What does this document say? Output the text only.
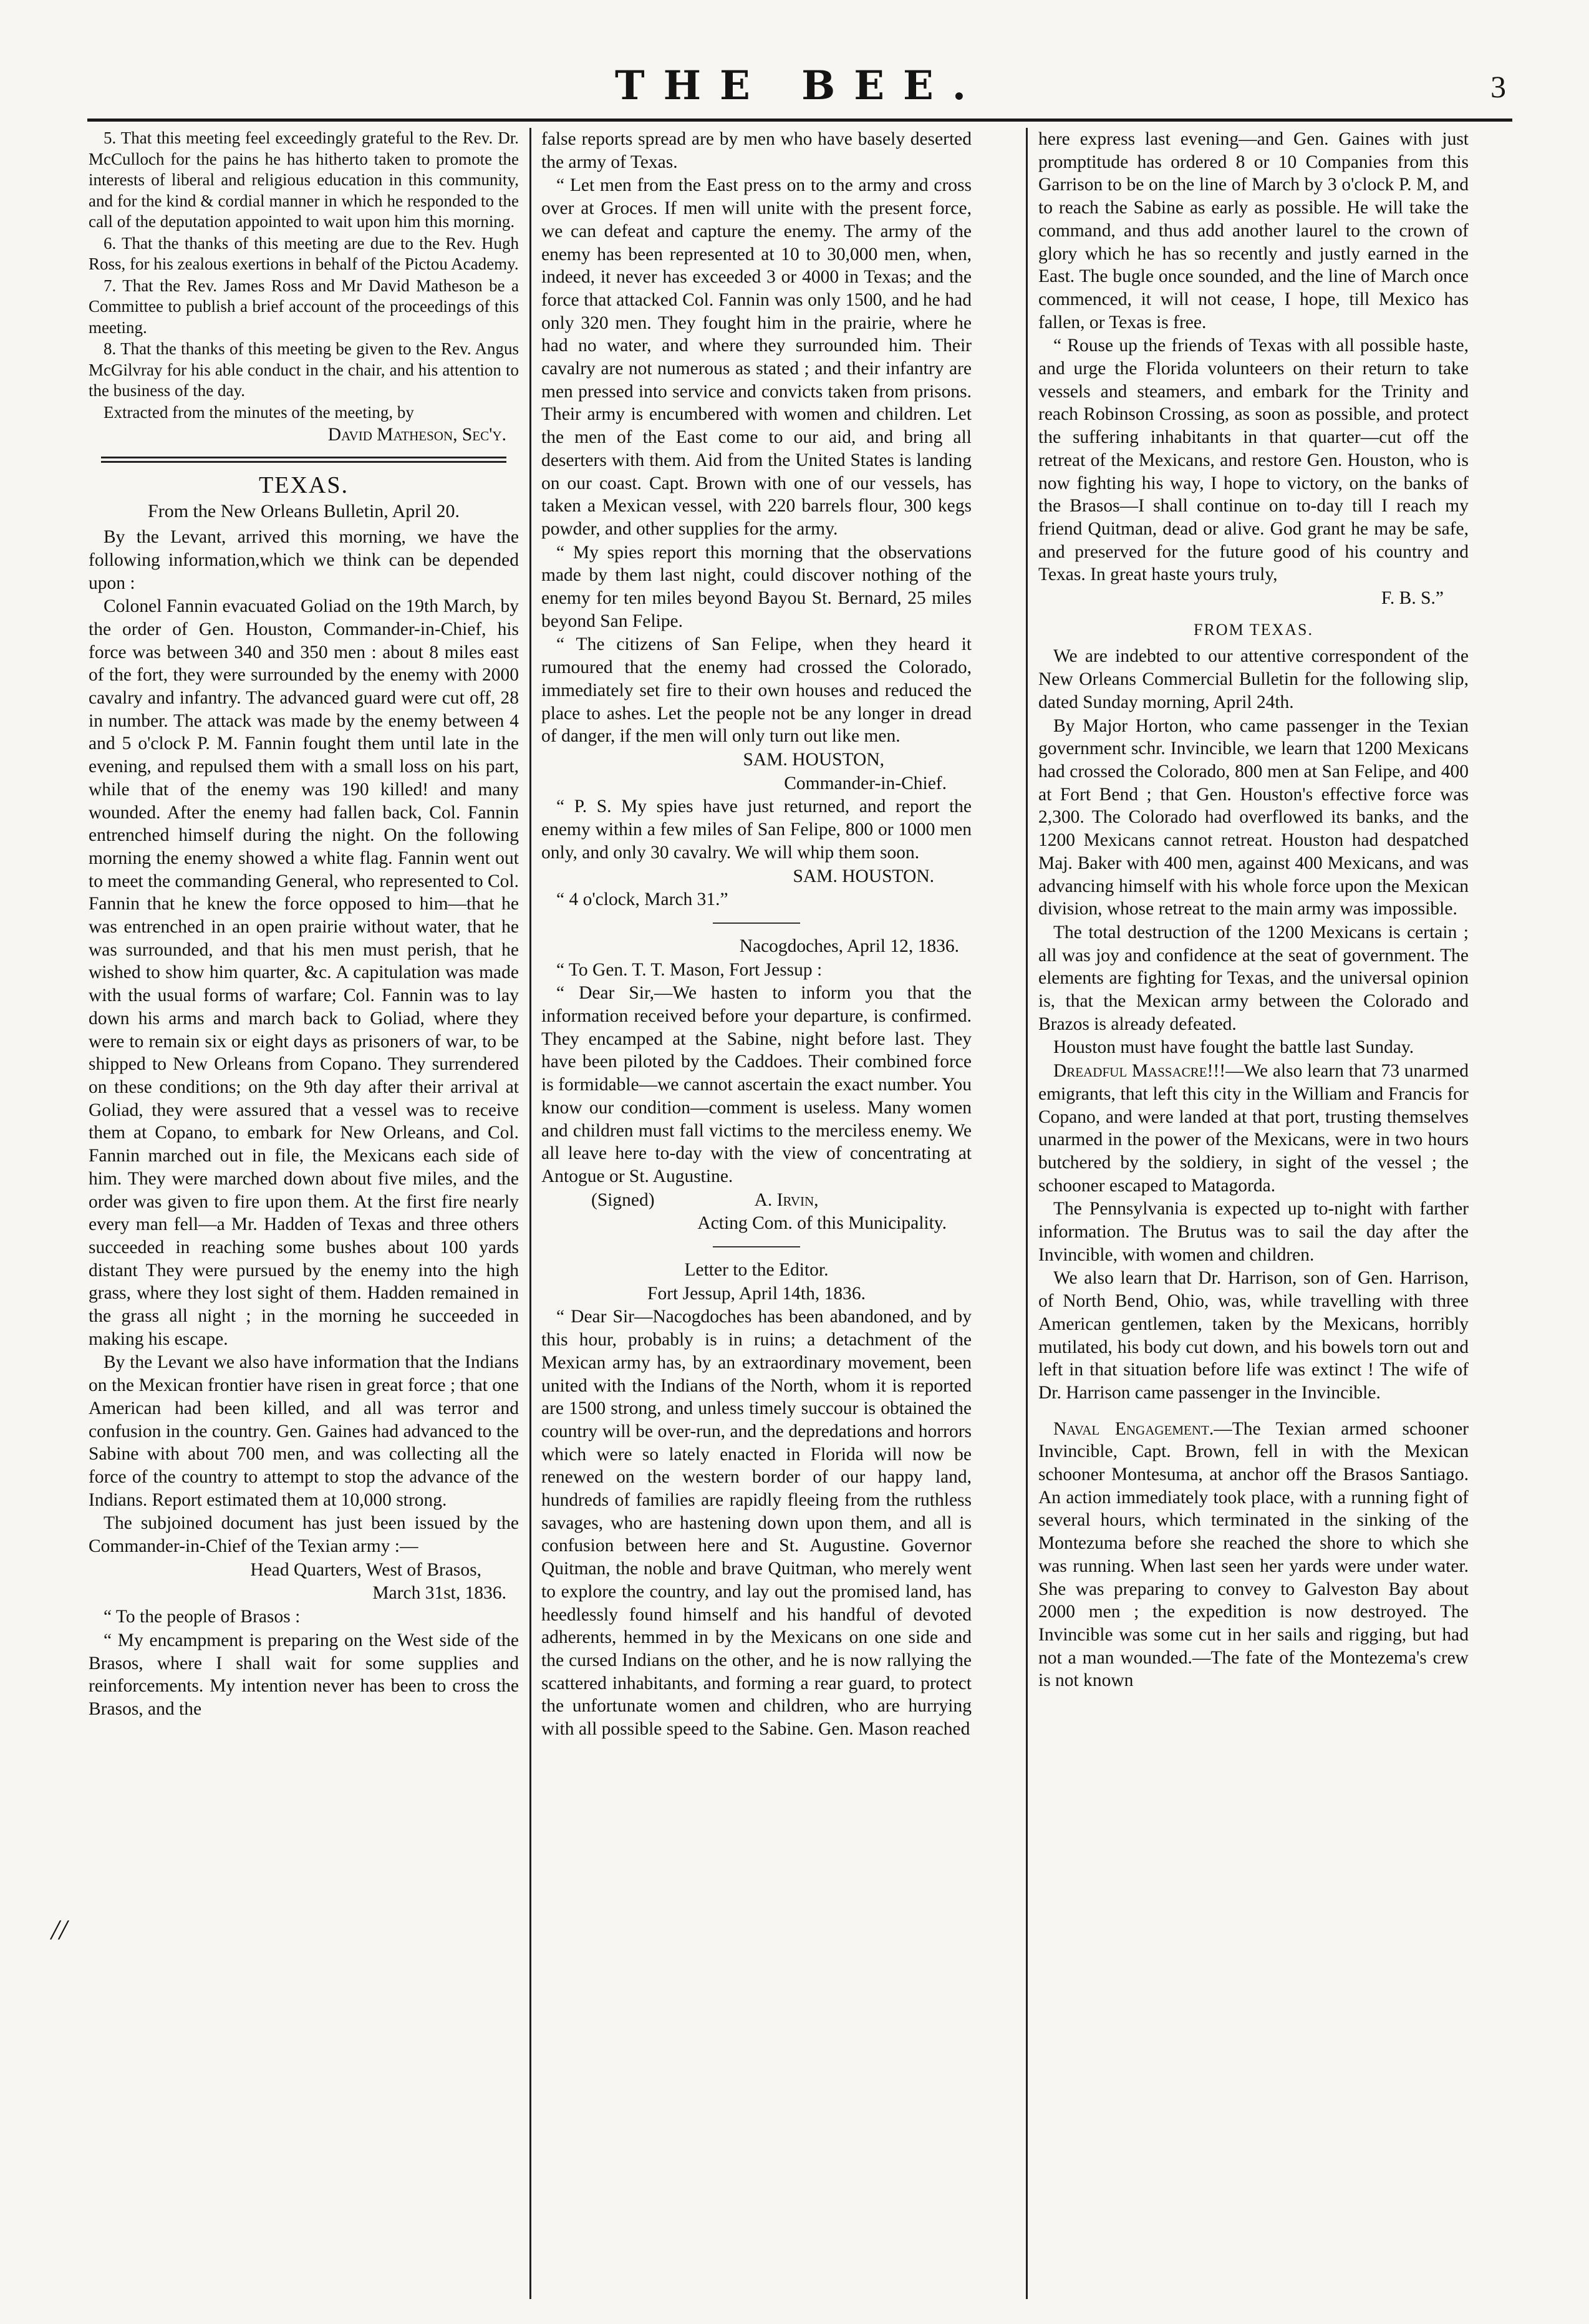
THE BEE.	3
//

5. That this meeting feel exceedingly grateful to the Rev. Dr. McCulloch for the pains he has hitherto taken to promote the interests of liberal and religious education in this community, and for the kind & cordial manner in which he responded to the call of the deputation appointed to wait upon him this morning.

6. That the thanks of this meeting are due to the Rev. Hugh Ross, for his zealous exertions in behalf of the Pictou Academy.

7. That the Rev. James Ross and Mr David Matheson be a Committee to publish a brief account of the proceedings of this meeting.

8. That the thanks of this meeting be given to the Rev. Angus McGilvray for his able conduct in the chair, and his attention to the business of the day.

Extracted from the minutes of the meeting, by

David Matheson, Sec'y.

TEXAS.
From the New Orleans Bulletin, April 20.

By the Levant, arrived this morning, we have the following information,which we think can be depended upon :

Colonel Fannin evacuated Goliad on the 19th March, by the order of Gen. Houston, Commander-in-Chief, his force was between 340 and 350 men : about 8 miles east of the fort, they were surrounded by the enemy with 2000 cavalry and infantry. The advanced guard were cut off, 28 in number. The attack was made by the enemy between 4 and 5 o'clock P. M. Fannin fought them until late in the evening, and repulsed them with a small loss on his part, while that of the enemy was 190 killed! and many wounded. After the enemy had fallen back, Col. Fannin entrenched himself during the night. On the following morning the enemy showed a white flag. Fannin went out to meet the commanding General, who represented to Col. Fannin that he knew the force opposed to him—that he was entrenched in an open prairie without water, that he was surrounded, and that his men must perish, that he wished to show him quarter, &c. A capitulation was made with the usual forms of warfare; Col. Fannin was to lay down his arms and march back to Goliad, where they were to remain six or eight days as prisoners of war, to be shipped to New Orleans from Copano. They surrendered on these conditions; on the 9th day after their arrival at Goliad, they were assured that a vessel was to receive them at Copano, to embark for New Orleans, and Col. Fannin marched out in file, the Mexicans each side of him. They were marched down about five miles, and the order was given to fire upon them. At the first fire nearly every man fell—a Mr. Hadden of Texas and three others succeeded in reaching some bushes about 100 yards distant They were pursued by the enemy into the high grass, where they lost sight of them. Hadden remained in the grass all night ; in the morning he succeeded in making his escape.

By the Levant we also have information that the Indians on the Mexican frontier have risen in great force ; that one American had been killed, and all was terror and confusion in the country. Gen. Gaines had advanced to the Sabine with about 700 men, and was collecting all the force of the country to attempt to stop the advance of the Indians. Report estimated them at 10,000 strong.

The subjoined document has just been issued by the Commander-in-Chief of the Texian army :—

Head Quarters, West of Brasos,

March 31st, 1836.

“ To the people of Brasos :

“ My encampment is preparing on the West side of the Brasos, where I shall wait for some supplies and reinforcements. My intention never has been to cross the Brasos, and the

false reports spread are by men who have basely deserted the army of Texas.

“ Let men from the East press on to the army and cross over at Groces. If men will unite with the present force, we can defeat and capture the enemy. The army of the enemy has been represented at 10 to 30,000 men, when, indeed, it never has exceeded 3 or 4000 in Texas; and the force that attacked Col. Fannin was only 1500, and he had only 320 men. They fought him in the prairie, where he had no water, and where they surrounded him. Their cavalry are not numerous as stated ; and their infantry are men pressed into service and convicts taken from prisons. Their army is encumbered with women and children. Let the men of the East come to our aid, and bring all deserters with them. Aid from the United States is landing on our coast. Capt. Brown with one of our vessels, has taken a Mexican vessel, with 220 barrels flour, 300 kegs powder, and other supplies for the army.

“ My spies report this morning that the observations made by them last night, could discover nothing of the enemy for ten miles beyond Bayou St. Bernard, 25 miles beyond San Felipe.

“ The citizens of San Felipe, when they heard it rumoured that the enemy had crossed the Colorado, immediately set fire to their own houses and reduced the place to ashes. Let the people not be any longer in dread of danger, if the men will only turn out like men.

SAM. HOUSTON,

Commander-in-Chief.

“ P. S. My spies have just returned, and report the enemy within a few miles of San Felipe, 800 or 1000 men only, and only 30 cavalry. We will whip them soon.

SAM. HOUSTON.

“ 4 o'clock, March 31.”

Nacogdoches, April 12, 1836.

“ To Gen. T. T. Mason, Fort Jessup :

“ Dear Sir,—We hasten to inform you that the information received before your departure, is confirmed. They encamped at the Sabine, night before last. They have been piloted by the Caddoes. Their combined force is formidable—we cannot ascertain the exact number. You know our condition—comment is useless. Many women and children must fall victims to the merciless enemy. We all leave here to-day with the view of concentrating at Antogue or St. Augustine.

(Signed)	A. Irvin,

Acting Com. of this Municipality.

Letter to the Editor.

Fort Jessup, April 14th, 1836.

“ Dear Sir—Nacogdoches has been abandoned, and by this hour, probably is in ruins; a detachment of the Mexican army has, by an extraordinary movement, been united with the Indians of the North, whom it is reported are 1500 strong, and unless timely succour is obtained the country will be over-run, and the depredations and horrors which were so lately enacted in Florida will now be renewed on the western border of our happy land, hundreds of families are rapidly fleeing from the ruthless savages, who are hastening down upon them, and all is confusion between here and St. Augustine. Governor Quitman, the noble and brave Quitman, who merely went to explore the country, and lay out the promised land, has heedlessly found himself and his handful of devoted adherents, hemmed in by the Mexicans on one side and the cursed Indians on the other, and he is now rallying the scattered inhabitants, and forming a rear guard, to protect the unfortunate women and children, who are hurrying with all possible speed to the Sabine. Gen. Mason reached

here express last evening—and Gen. Gaines with just promptitude has ordered 8 or 10 Companies from this Garrison to be on the line of March by 3 o'clock P. M, and to reach the Sabine as early as possible. He will take the command, and thus add another laurel to the crown of glory which he has so recently and justly earned in the East. The bugle once sounded, and the line of March once commenced, it will not cease, I hope, till Mexico has fallen, or Texas is free.

“ Rouse up the friends of Texas with all possible haste, and urge the Florida volunteers on their return to take vessels and steamers, and embark for the Trinity and reach Robinson Crossing, as soon as possible, and protect the suffering inhabitants in that quarter—cut off the retreat of the Mexicans, and restore Gen. Houston, who is now fighting his way, I hope to victory, on the banks of the Brasos—I shall continue on to-day till I reach my friend Quitman, dead or alive. God grant he may be safe, and preserved for the future good of his country and Texas. In great haste yours truly,

F. B. S.”

FROM TEXAS.

We are indebted to our attentive correspondent of the New Orleans Commercial Bulletin for the following slip, dated Sunday morning, April 24th.

By Major Horton, who came passenger in the Texian government schr. Invincible, we learn that 1200 Mexicans had crossed the Colorado, 800 men at San Felipe, and 400 at Fort Bend ; that Gen. Houston's effective force was 2,300. The Colorado had overflowed its banks, and the 1200 Mexicans cannot retreat. Houston had despatched Maj. Baker with 400 men, against 400 Mexicans, and was advancing himself with his whole force upon the Mexican division, whose retreat to the main army was impossible.

The total destruction of the 1200 Mexicans is certain ; all was joy and confidence at the seat of government. The elements are fighting for Texas, and the universal opinion is, that the Mexican army between the Colorado and Brazos is already defeated.

Houston must have fought the battle last Sunday.

Dreadful Massacre!!!—We also learn that 73 unarmed emigrants, that left this city in the William and Francis for Copano, and were landed at that port, trusting themselves unarmed in the power of the Mexicans, were in two hours butchered by the soldiery, in sight of the vessel ; the schooner escaped to Matagorda.

The Pennsylvania is expected up to-night with farther information. The Brutus was to sail the day after the Invincible, with women and children.

We also learn that Dr. Harrison, son of Gen. Harrison, of North Bend, Ohio, was, while travelling with three American gentlemen, taken by the Mexicans, horribly mutilated, his body cut down, and his bowels torn out and left in that situation before life was extinct ! The wife of Dr. Harrison came passenger in the Invincible.

Naval Engagement.—The Texian armed schooner Invincible, Capt. Brown, fell in with the Mexican schooner Montesuma, at anchor off the Brasos Santiago. An action immediately took place, with a running fight of several hours, which terminated in the sinking of the Montezuma before she reached the shore to which she was running. When last seen her yards were under water. She was preparing to convey to Galveston Bay about 2000 men ; the expedition is now destroyed. The Invincible was some cut in her sails and rigging, but had not a man wounded.—The fate of the Montezema's crew is not known
